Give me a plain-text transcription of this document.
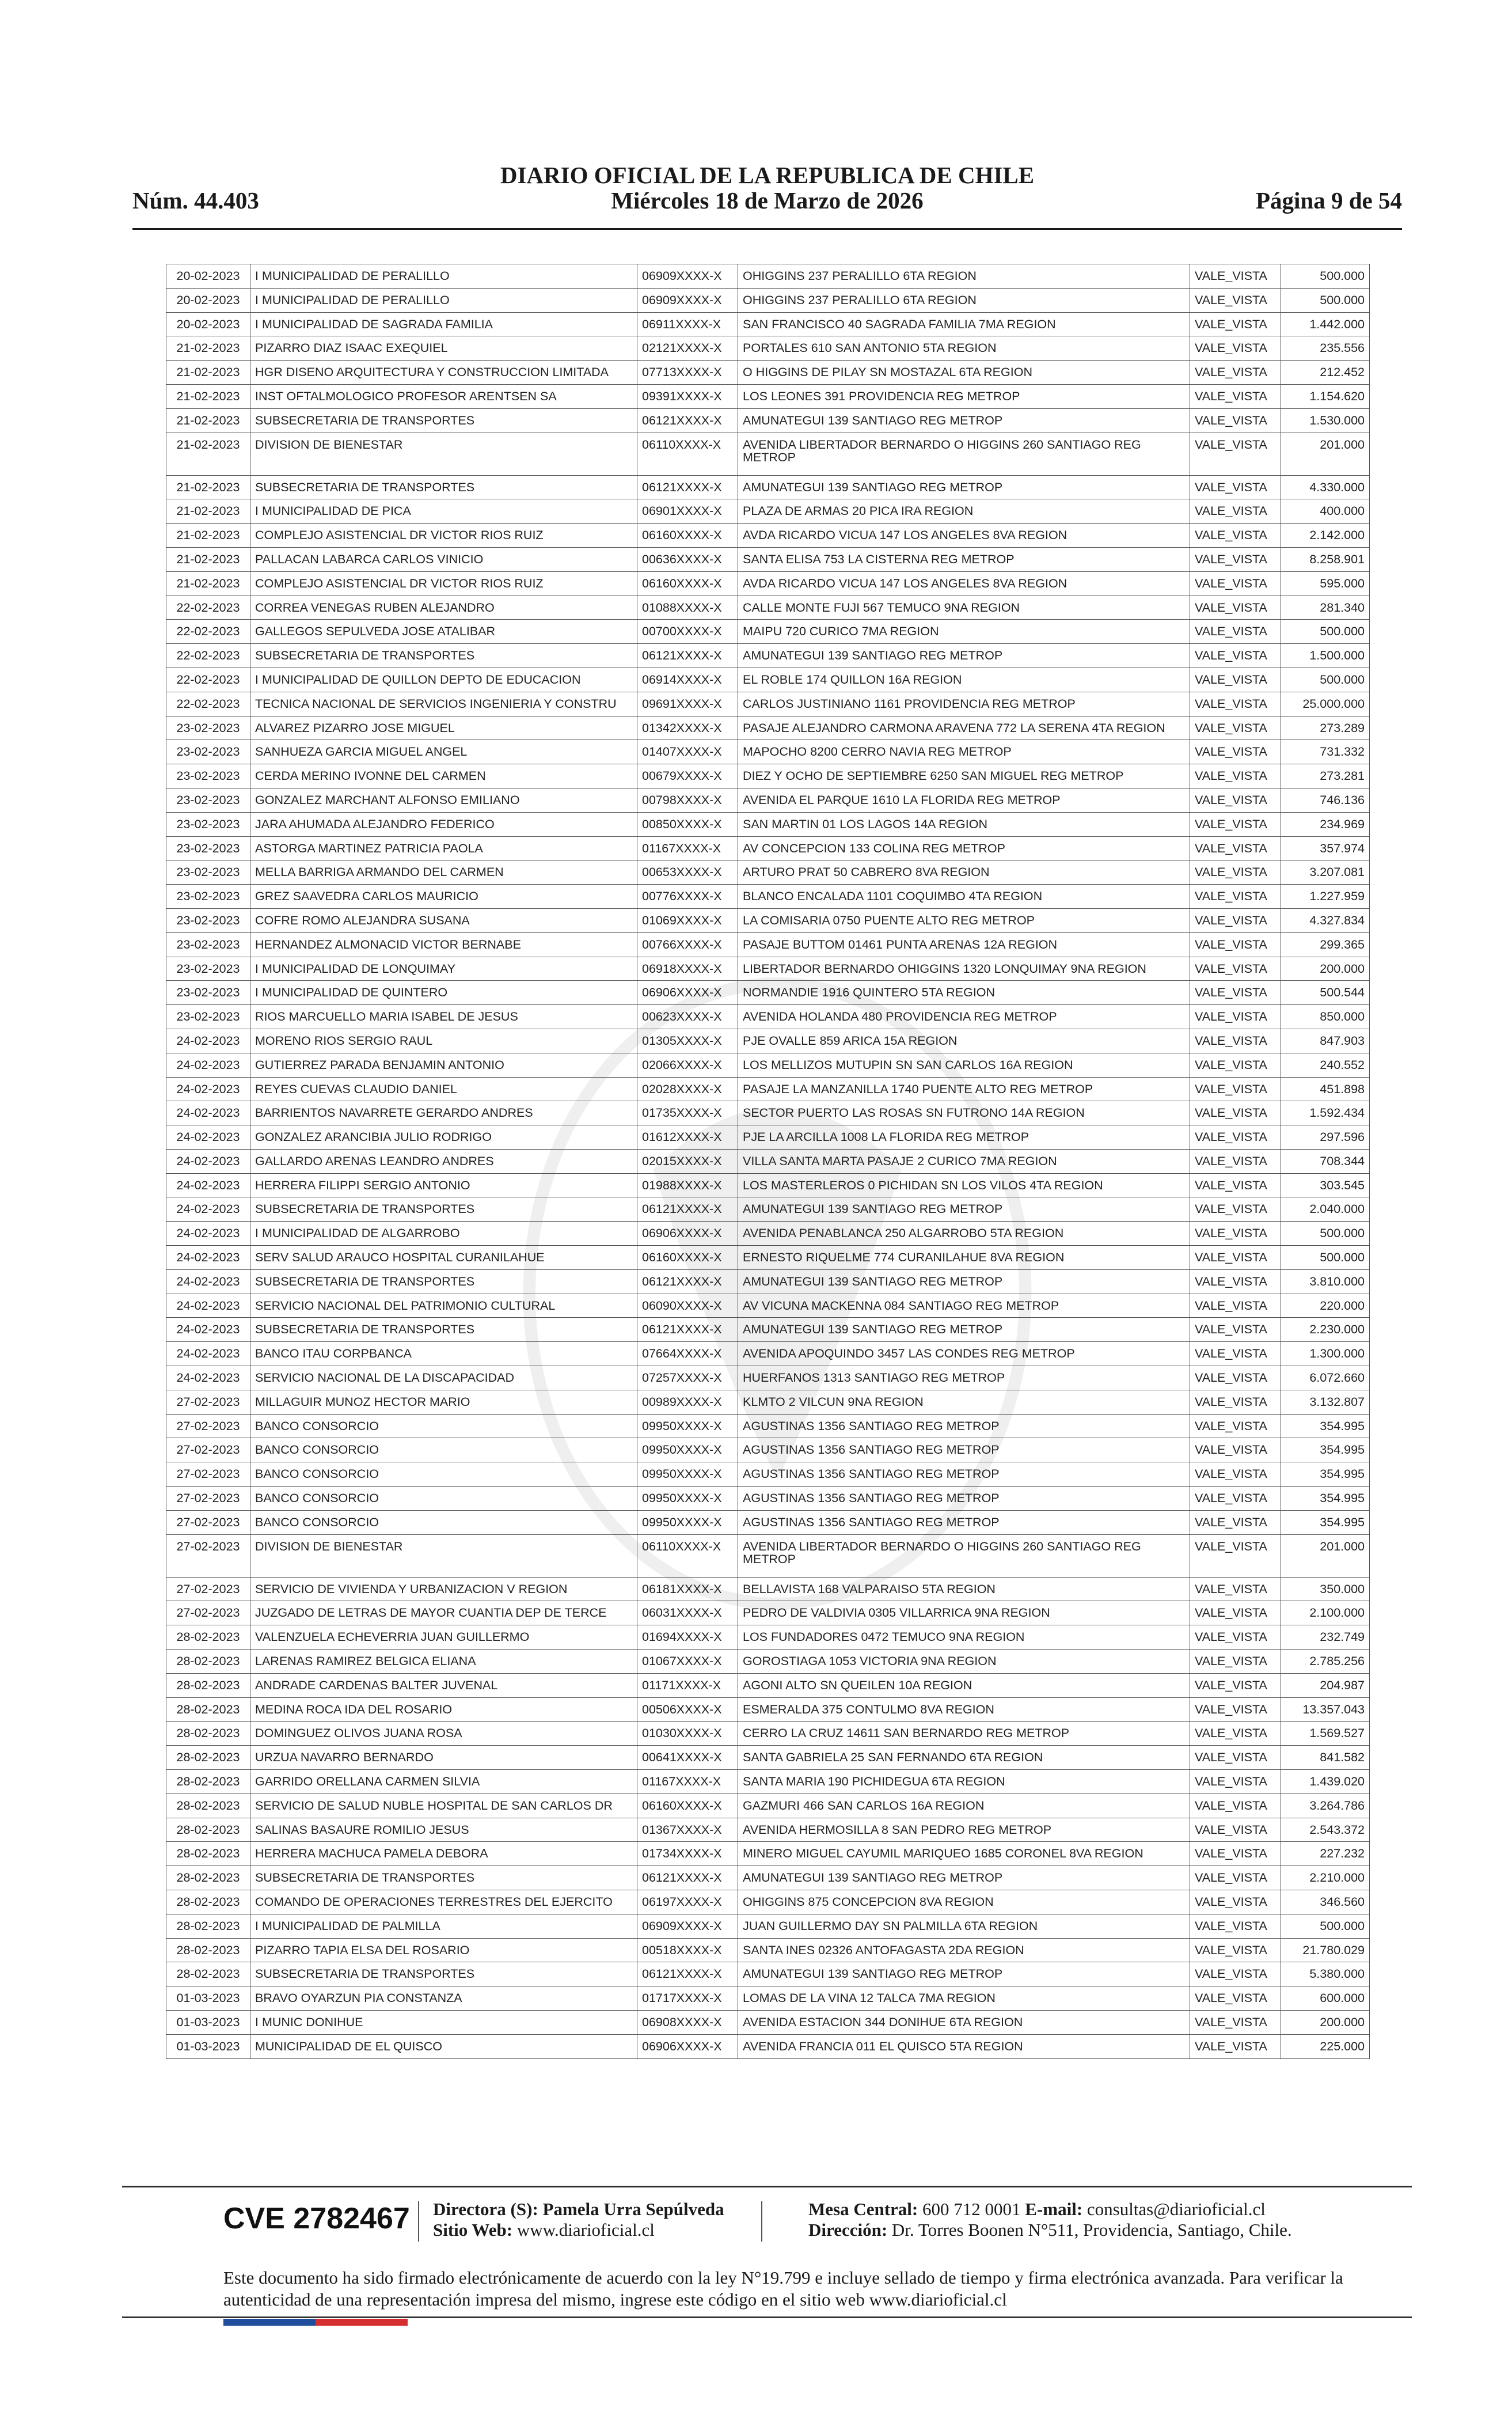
Núm. 44.403
DIARIO OFICIAL DE LA REPUBLICA DE CHILE
Miércoles 18 de Marzo de 2026	Página 9 de 54
20-02-2023	I MUNICIPALIDAD DE PERALILLO	06909XXXX-X	OHIGGINS 237 PERALILLO 6TA REGION	VALE_VISTA	500.000
20-02-2023	I MUNICIPALIDAD DE PERALILLO	06909XXXX-X	OHIGGINS 237 PERALILLO 6TA REGION	VALE_VISTA	500.000
20-02-2023	I MUNICIPALIDAD DE SAGRADA FAMILIA	06911XXXX-X	SAN FRANCISCO 40 SAGRADA FAMILIA 7MA REGION	VALE_VISTA	1.442.000
21-02-2023	PIZARRO DIAZ ISAAC EXEQUIEL	02121XXXX-X	PORTALES 610 SAN ANTONIO 5TA REGION	VALE_VISTA	235.556
21-02-2023	HGR DISENO ARQUITECTURA Y CONSTRUCCION LIMITADA	07713XXXX-X	O HIGGINS DE PILAY SN MOSTAZAL 6TA REGION	VALE_VISTA	212.452
21-02-2023	INST OFTALMOLOGICO PROFESOR ARENTSEN SA	09391XXXX-X	LOS LEONES 391 PROVIDENCIA REG METROP	VALE_VISTA	1.154.620
21-02-2023	SUBSECRETARIA DE TRANSPORTES	06121XXXX-X	AMUNATEGUI 139 SANTIAGO REG METROP	VALE_VISTA	1.530.000
21-02-2023	DIVISION DE BIENESTAR	06110XXXX-X	AVENIDA LIBERTADOR BERNARDO O HIGGINS 260 SANTIAGO REG METROP	VALE_VISTA	201.000
21-02-2023	SUBSECRETARIA DE TRANSPORTES	06121XXXX-X	AMUNATEGUI 139 SANTIAGO REG METROP	VALE_VISTA	4.330.000
21-02-2023	I MUNICIPALIDAD DE PICA	06901XXXX-X	PLAZA DE ARMAS 20 PICA IRA REGION	VALE_VISTA	400.000
21-02-2023	COMPLEJO ASISTENCIAL DR VICTOR RIOS RUIZ	06160XXXX-X	AVDA RICARDO VICUA 147 LOS ANGELES 8VA REGION	VALE_VISTA	2.142.000
21-02-2023	PALLACAN LABARCA CARLOS VINICIO	00636XXXX-X	SANTA ELISA 753 LA CISTERNA REG METROP	VALE_VISTA	8.258.901
21-02-2023	COMPLEJO ASISTENCIAL DR VICTOR RIOS RUIZ	06160XXXX-X	AVDA RICARDO VICUA 147 LOS ANGELES 8VA REGION	VALE_VISTA	595.000
22-02-2023	CORREA VENEGAS RUBEN ALEJANDRO	01088XXXX-X	CALLE MONTE FUJI 567 TEMUCO 9NA REGION	VALE_VISTA	281.340
22-02-2023	GALLEGOS SEPULVEDA JOSE ATALIBAR	00700XXXX-X	MAIPU 720 CURICO 7MA REGION	VALE_VISTA	500.000
22-02-2023	SUBSECRETARIA DE TRANSPORTES	06121XXXX-X	AMUNATEGUI 139 SANTIAGO REG METROP	VALE_VISTA	1.500.000
22-02-2023	I MUNICIPALIDAD DE QUILLON DEPTO DE EDUCACION	06914XXXX-X	EL ROBLE 174 QUILLON 16A REGION	VALE_VISTA	500.000
22-02-2023	TECNICA NACIONAL DE SERVICIOS INGENIERIA Y CONSTRU	09691XXXX-X	CARLOS JUSTINIANO 1161 PROVIDENCIA REG METROP	VALE_VISTA	25.000.000
23-02-2023	ALVAREZ PIZARRO JOSE MIGUEL	01342XXXX-X	PASAJE ALEJANDRO CARMONA ARAVENA 772 LA SERENA 4TA REGION	VALE_VISTA	273.289
23-02-2023	SANHUEZA GARCIA MIGUEL ANGEL	01407XXXX-X	MAPOCHO 8200 CERRO NAVIA REG METROP	VALE_VISTA	731.332
23-02-2023	CERDA MERINO IVONNE DEL CARMEN	00679XXXX-X	DIEZ Y OCHO DE SEPTIEMBRE 6250 SAN MIGUEL REG METROP	VALE_VISTA	273.281
23-02-2023	GONZALEZ MARCHANT ALFONSO EMILIANO	00798XXXX-X	AVENIDA EL PARQUE 1610 LA FLORIDA REG METROP	VALE_VISTA	746.136
23-02-2023	JARA AHUMADA ALEJANDRO FEDERICO	00850XXXX-X	SAN MARTIN 01 LOS LAGOS 14A REGION	VALE_VISTA	234.969
23-02-2023	ASTORGA MARTINEZ PATRICIA PAOLA	01167XXXX-X	AV CONCEPCION 133 COLINA REG METROP	VALE_VISTA	357.974
23-02-2023	MELLA BARRIGA ARMANDO DEL CARMEN	00653XXXX-X	ARTURO PRAT 50 CABRERO 8VA REGION	VALE_VISTA	3.207.081
23-02-2023	GREZ SAAVEDRA CARLOS MAURICIO	00776XXXX-X	BLANCO ENCALADA 1101 COQUIMBO 4TA REGION	VALE_VISTA	1.227.959
23-02-2023	COFRE ROMO ALEJANDRA SUSANA	01069XXXX-X	LA COMISARIA 0750 PUENTE ALTO REG METROP	VALE_VISTA	4.327.834
23-02-2023	HERNANDEZ ALMONACID VICTOR BERNABE	00766XXXX-X	PASAJE BUTTOM 01461 PUNTA ARENAS 12A REGION	VALE_VISTA	299.365
23-02-2023	I MUNICIPALIDAD DE LONQUIMAY	06918XXXX-X	LIBERTADOR BERNARDO OHIGGINS 1320 LONQUIMAY 9NA REGION	VALE_VISTA	200.000
23-02-2023	I MUNICIPALIDAD DE QUINTERO	06906XXXX-X	NORMANDIE 1916 QUINTERO 5TA REGION	VALE_VISTA	500.544
23-02-2023	RIOS MARCUELLO MARIA ISABEL DE JESUS	00623XXXX-X	AVENIDA HOLANDA 480 PROVIDENCIA REG METROP	VALE_VISTA	850.000
24-02-2023	MORENO RIOS SERGIO RAUL	01305XXXX-X	PJE OVALLE 859 ARICA 15A REGION	VALE_VISTA	847.903
24-02-2023	GUTIERREZ PARADA BENJAMIN ANTONIO	02066XXXX-X	LOS MELLIZOS MUTUPIN SN SAN CARLOS 16A REGION	VALE_VISTA	240.552
24-02-2023	REYES CUEVAS CLAUDIO DANIEL	02028XXXX-X	PASAJE LA MANZANILLA 1740 PUENTE ALTO REG METROP	VALE_VISTA	451.898
24-02-2023	BARRIENTOS NAVARRETE GERARDO ANDRES	01735XXXX-X	SECTOR PUERTO LAS ROSAS SN FUTRONO 14A REGION	VALE_VISTA	1.592.434
24-02-2023	GONZALEZ ARANCIBIA JULIO RODRIGO	01612XXXX-X	PJE LA ARCILLA 1008 LA FLORIDA REG METROP	VALE_VISTA	297.596
24-02-2023	GALLARDO ARENAS LEANDRO ANDRES	02015XXXX-X	VILLA SANTA MARTA PASAJE 2 CURICO 7MA REGION	VALE_VISTA	708.344
24-02-2023	HERRERA FILIPPI SERGIO ANTONIO	01988XXXX-X	LOS MASTERLEROS 0 PICHIDAN SN LOS VILOS 4TA REGION	VALE_VISTA	303.545
24-02-2023	SUBSECRETARIA DE TRANSPORTES	06121XXXX-X	AMUNATEGUI 139 SANTIAGO REG METROP	VALE_VISTA	2.040.000
24-02-2023	I MUNICIPALIDAD DE ALGARROBO	06906XXXX-X	AVENIDA PENABLANCA 250 ALGARROBO 5TA REGION	VALE_VISTA	500.000
24-02-2023	SERV SALUD ARAUCO HOSPITAL CURANILAHUE	06160XXXX-X	ERNESTO RIQUELME 774 CURANILAHUE 8VA REGION	VALE_VISTA	500.000
24-02-2023	SUBSECRETARIA DE TRANSPORTES	06121XXXX-X	AMUNATEGUI 139 SANTIAGO REG METROP	VALE_VISTA	3.810.000
24-02-2023	SERVICIO NACIONAL DEL PATRIMONIO CULTURAL	06090XXXX-X	AV VICUNA MACKENNA 084 SANTIAGO REG METROP	VALE_VISTA	220.000
24-02-2023	SUBSECRETARIA DE TRANSPORTES	06121XXXX-X	AMUNATEGUI 139 SANTIAGO REG METROP	VALE_VISTA	2.230.000
24-02-2023	BANCO ITAU CORPBANCA	07664XXXX-X	AVENIDA APOQUINDO 3457 LAS CONDES REG METROP	VALE_VISTA	1.300.000
24-02-2023	SERVICIO NACIONAL DE LA DISCAPACIDAD	07257XXXX-X	HUERFANOS 1313 SANTIAGO REG METROP	VALE_VISTA	6.072.660
27-02-2023	MILLAGUIR MUNOZ HECTOR MARIO	00989XXXX-X	KLMTO 2 VILCUN 9NA REGION	VALE_VISTA	3.132.807
27-02-2023	BANCO CONSORCIO	09950XXXX-X	AGUSTINAS 1356 SANTIAGO REG METROP	VALE_VISTA	354.995
27-02-2023	BANCO CONSORCIO	09950XXXX-X	AGUSTINAS 1356 SANTIAGO REG METROP	VALE_VISTA	354.995
27-02-2023	BANCO CONSORCIO	09950XXXX-X	AGUSTINAS 1356 SANTIAGO REG METROP	VALE_VISTA	354.995
27-02-2023	BANCO CONSORCIO	09950XXXX-X	AGUSTINAS 1356 SANTIAGO REG METROP	VALE_VISTA	354.995
27-02-2023	BANCO CONSORCIO	09950XXXX-X	AGUSTINAS 1356 SANTIAGO REG METROP	VALE_VISTA	354.995
27-02-2023	DIVISION DE BIENESTAR	06110XXXX-X	AVENIDA LIBERTADOR BERNARDO O HIGGINS 260 SANTIAGO REG METROP	VALE_VISTA	201.000
27-02-2023	SERVICIO DE VIVIENDA Y URBANIZACION V REGION	06181XXXX-X	BELLAVISTA 168 VALPARAISO 5TA REGION	VALE_VISTA	350.000
27-02-2023	JUZGADO DE LETRAS DE MAYOR CUANTIA DEP DE TERCE	06031XXXX-X	PEDRO DE VALDIVIA 0305 VILLARRICA 9NA REGION	VALE_VISTA	2.100.000
28-02-2023	VALENZUELA ECHEVERRIA JUAN GUILLERMO	01694XXXX-X	LOS FUNDADORES 0472 TEMUCO 9NA REGION	VALE_VISTA	232.749
28-02-2023	LARENAS RAMIREZ BELGICA ELIANA	01067XXXX-X	GOROSTIAGA 1053 VICTORIA 9NA REGION	VALE_VISTA	2.785.256
28-02-2023	ANDRADE CARDENAS BALTER JUVENAL	01171XXXX-X	AGONI ALTO SN QUEILEN 10A REGION	VALE_VISTA	204.987
28-02-2023	MEDINA ROCA IDA DEL ROSARIO	00506XXXX-X	ESMERALDA 375 CONTULMO 8VA REGION	VALE_VISTA	13.357.043
28-02-2023	DOMINGUEZ OLIVOS JUANA ROSA	01030XXXX-X	CERRO LA CRUZ 14611 SAN BERNARDO REG METROP	VALE_VISTA	1.569.527
28-02-2023	URZUA NAVARRO BERNARDO	00641XXXX-X	SANTA GABRIELA 25 SAN FERNANDO 6TA REGION	VALE_VISTA	841.582
28-02-2023	GARRIDO ORELLANA CARMEN SILVIA	01167XXXX-X	SANTA MARIA 190 PICHIDEGUA 6TA REGION	VALE_VISTA	1.439.020
28-02-2023	SERVICIO DE SALUD NUBLE HOSPITAL DE SAN CARLOS DR	06160XXXX-X	GAZMURI 466 SAN CARLOS 16A REGION	VALE_VISTA	3.264.786
28-02-2023	SALINAS BASAURE ROMILIO JESUS	01367XXXX-X	AVENIDA HERMOSILLA 8 SAN PEDRO REG METROP	VALE_VISTA	2.543.372
28-02-2023	HERRERA MACHUCA PAMELA DEBORA	01734XXXX-X	MINERO MIGUEL CAYUMIL MARIQUEO 1685 CORONEL 8VA REGION	VALE_VISTA	227.232
28-02-2023	SUBSECRETARIA DE TRANSPORTES	06121XXXX-X	AMUNATEGUI 139 SANTIAGO REG METROP	VALE_VISTA	2.210.000
28-02-2023	COMANDO DE OPERACIONES TERRESTRES DEL EJERCITO	06197XXXX-X	OHIGGINS 875 CONCEPCION 8VA REGION	VALE_VISTA	346.560
28-02-2023	I MUNICIPALIDAD DE PALMILLA	06909XXXX-X	JUAN GUILLERMO DAY SN PALMILLA 6TA REGION	VALE_VISTA	500.000
28-02-2023	PIZARRO TAPIA ELSA DEL ROSARIO	00518XXXX-X	SANTA INES 02326 ANTOFAGASTA 2DA REGION	VALE_VISTA	21.780.029
28-02-2023	SUBSECRETARIA DE TRANSPORTES	06121XXXX-X	AMUNATEGUI 139 SANTIAGO REG METROP	VALE_VISTA	5.380.000
01-03-2023	BRAVO OYARZUN PIA CONSTANZA	01717XXXX-X	LOMAS DE LA VINA 12 TALCA 7MA REGION	VALE_VISTA	600.000
01-03-2023	I MUNIC DONIHUE	06908XXXX-X	AVENIDA ESTACION 344 DONIHUE 6TA REGION	VALE_VISTA	200.000
01-03-2023	MUNICIPALIDAD DE EL QUISCO	06906XXXX-X	AVENIDA FRANCIA 011 EL QUISCO 5TA REGION	VALE_VISTA	225.000
CVE 2782467 Directora (S): Pamela Urra Sepúlveda
Sitio Web: www.diarioficial.cl
Mesa Central: 600 712 0001 E-mail: consultas@diarioficial.cl
Dirección: Dr. Torres Boonen N°511, Providencia, Santiago, Chile.
Este documento ha sido firmado electrónicamente de acuerdo con la ley N°19.799 e incluye sellado de tiempo y firma electrónica avanzada. Para verificar la autenticidad de una representación impresa del mismo, ingrese este código en el sitio web www.diarioficial.cl
